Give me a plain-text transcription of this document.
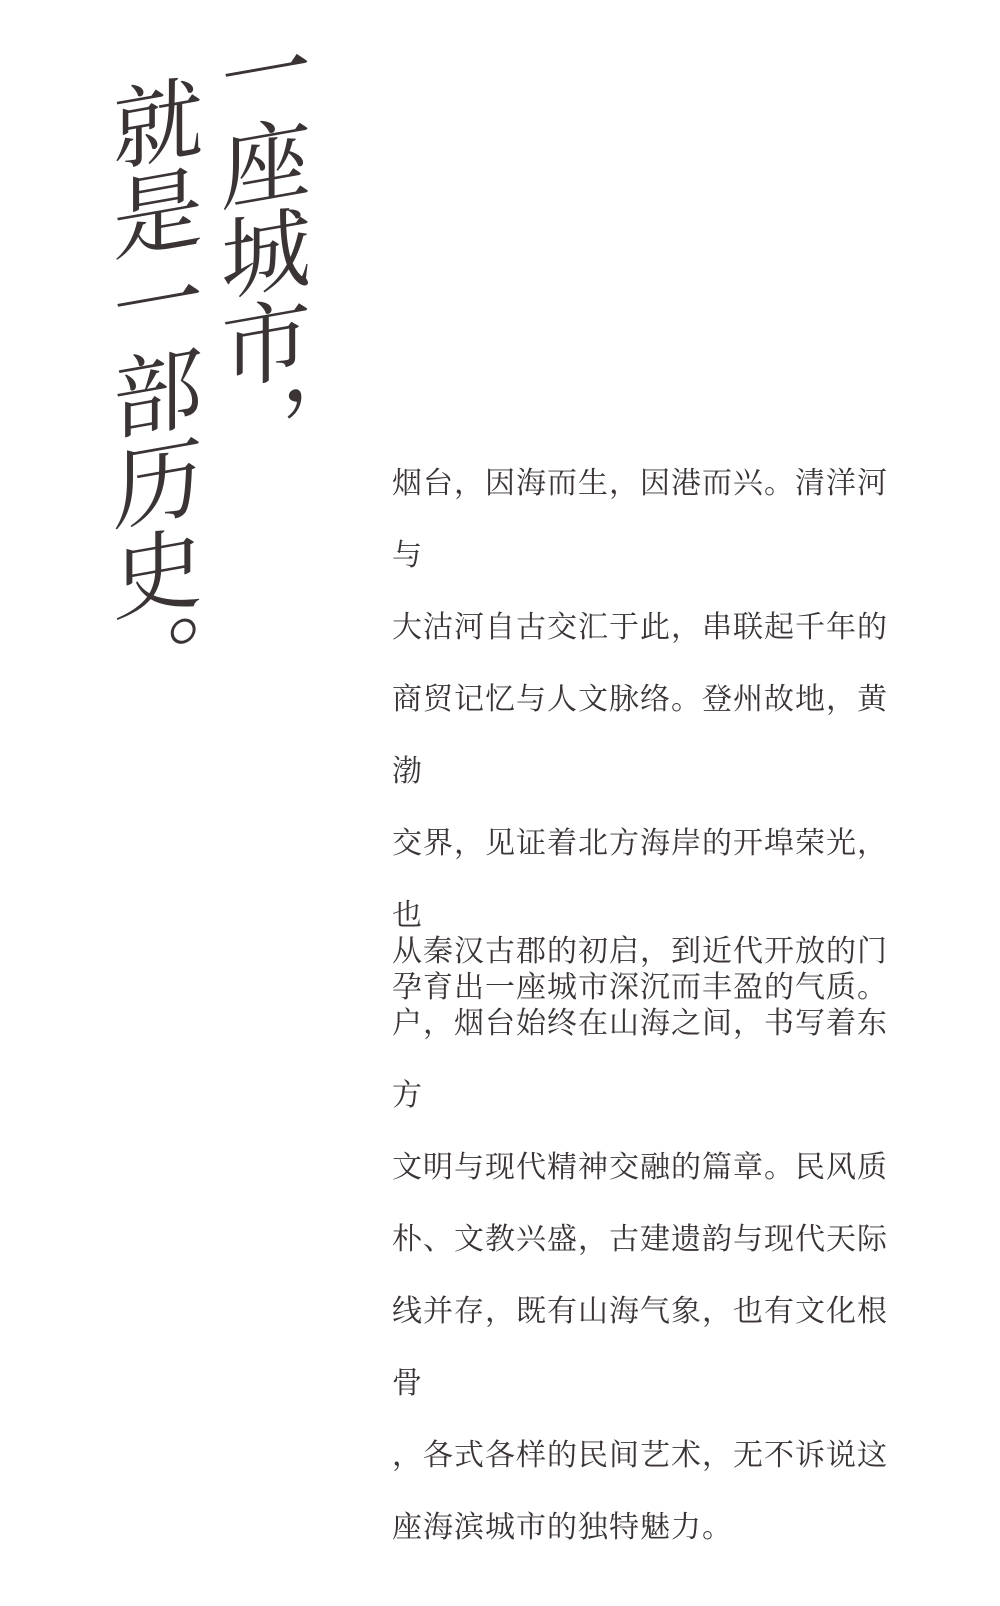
一座城市，
就是一部历史。	烟台，因海而生，因港而兴。清洋河与
大沽河自古交汇于此，串联起千年的
商贸记忆与人文脉络。登州故地，黄渤
交界，见证着北方海岸的开埠荣光，也
孕育出一座城市深沉而丰盈的气质。
从秦汉古郡的初启，到近代开放的门
户，烟台始终在山海之间，书写着东方
文明与现代精神交融的篇章。民风质
朴、文教兴盛，古建遗韵与现代天际
线并存，既有山海气象，也有文化根骨
，各式各样的民间艺术，无不诉说这
座海滨城市的独特魅力。
